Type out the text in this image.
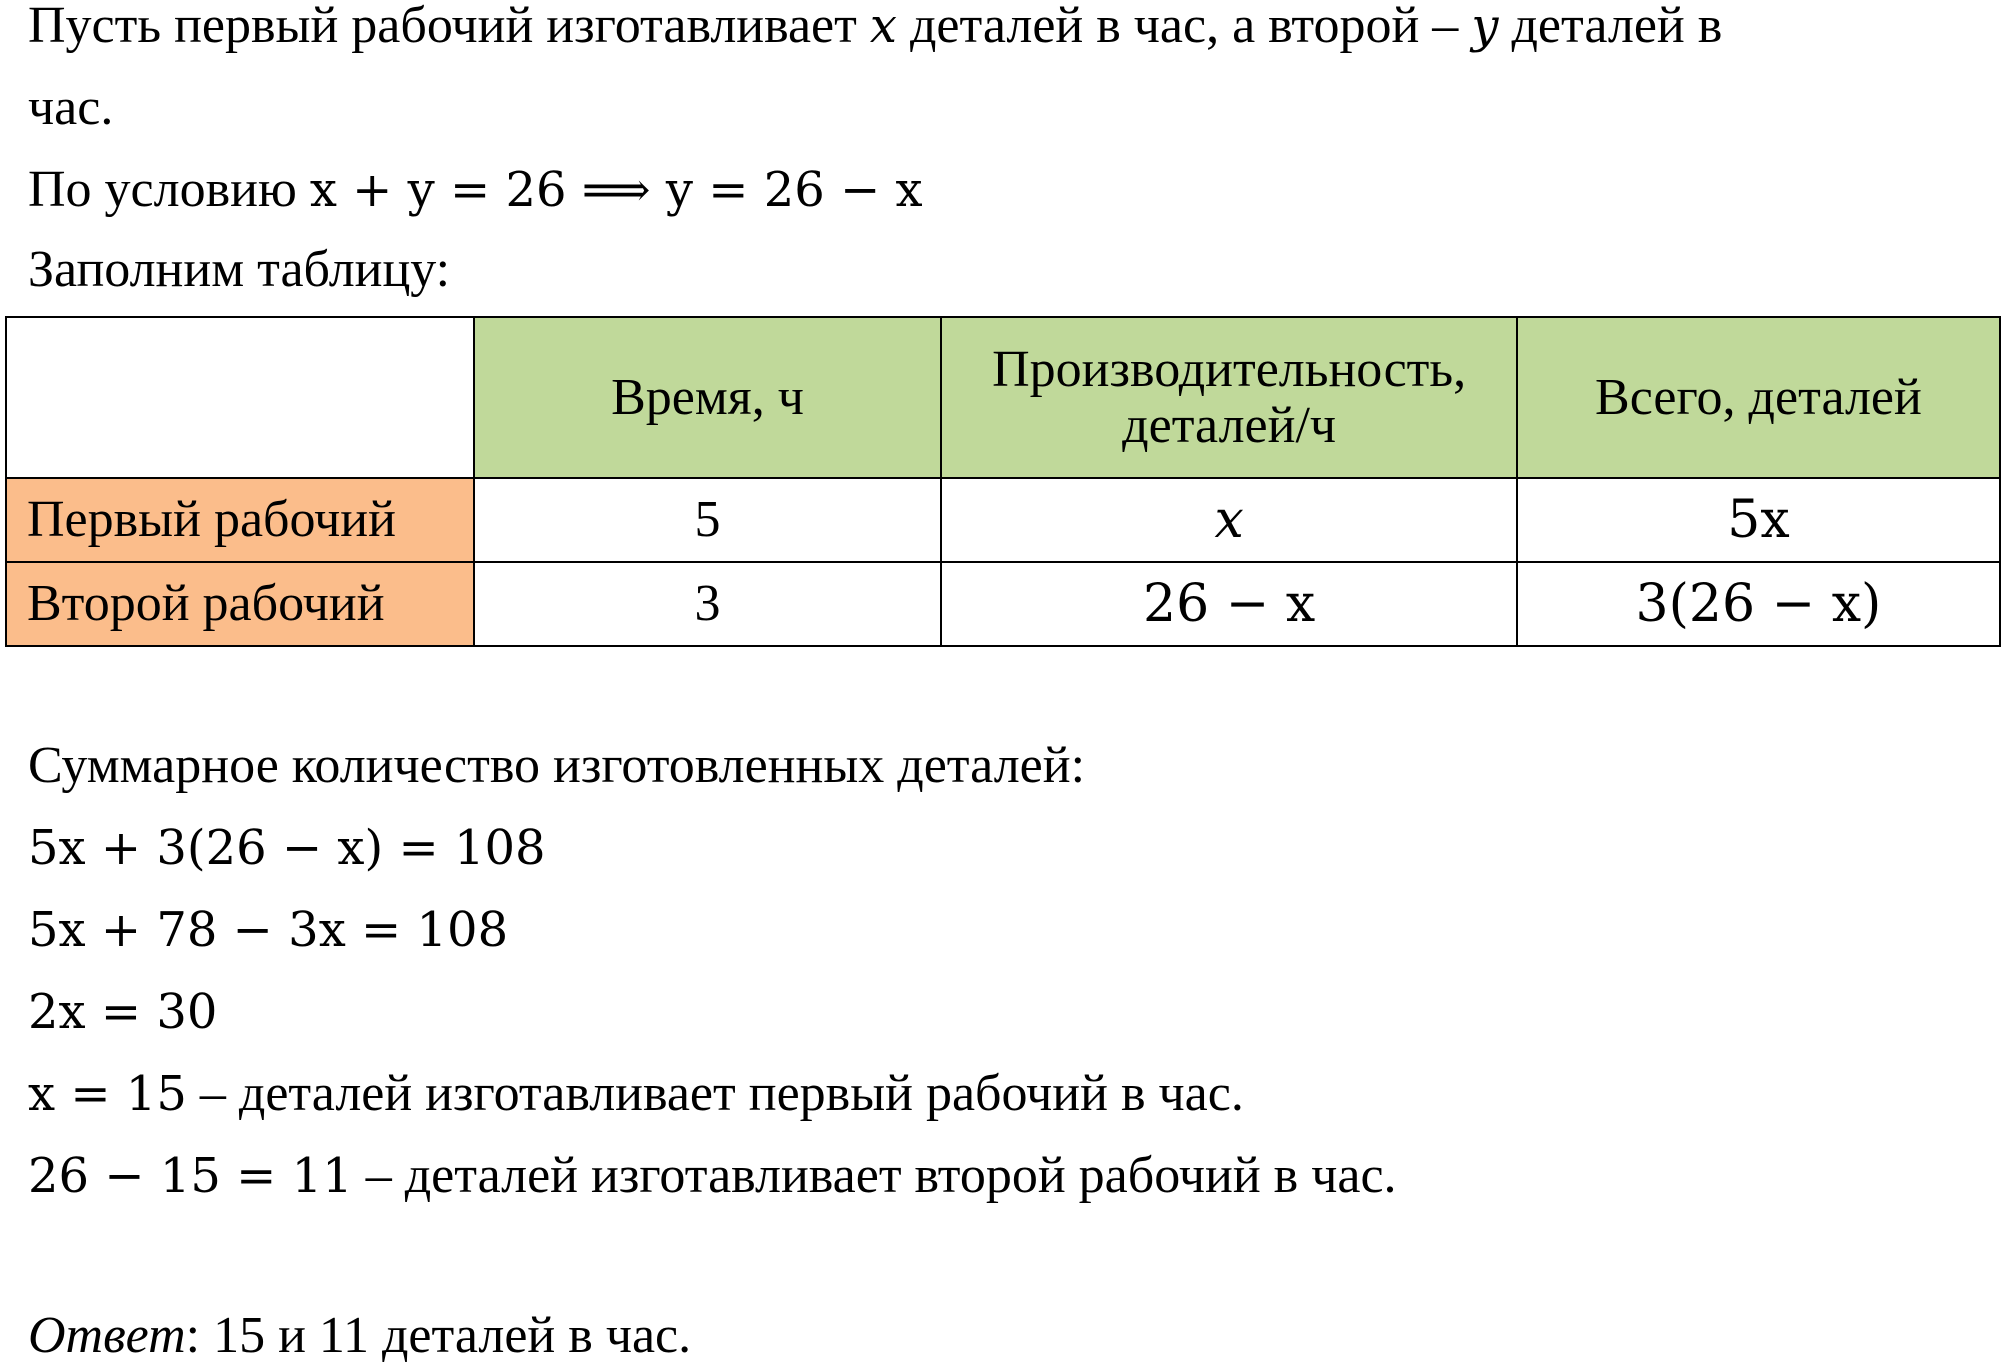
Пусть первый рабочий изготавливает x деталей в час, а второй – y деталей в
час.
По условию x + y = 26 ⟹ y = 26 − x
Заполним таблицу:
	Время, ч	Производительность,
деталей/ч	Всего, деталей
Первый рабочий	5	x	5x
Второй рабочий	3	26 − x	3(26 − x)
Суммарное количество изготовленных деталей:
5x + 3(26 − x) = 108
5x + 78 − 3x = 108
2x = 30
x = 15 – деталей изготавливает первый рабочий в час.
26 − 15 = 11 – деталей изготавливает второй рабочий в час.
Ответ: 15 и 11 деталей в час.
